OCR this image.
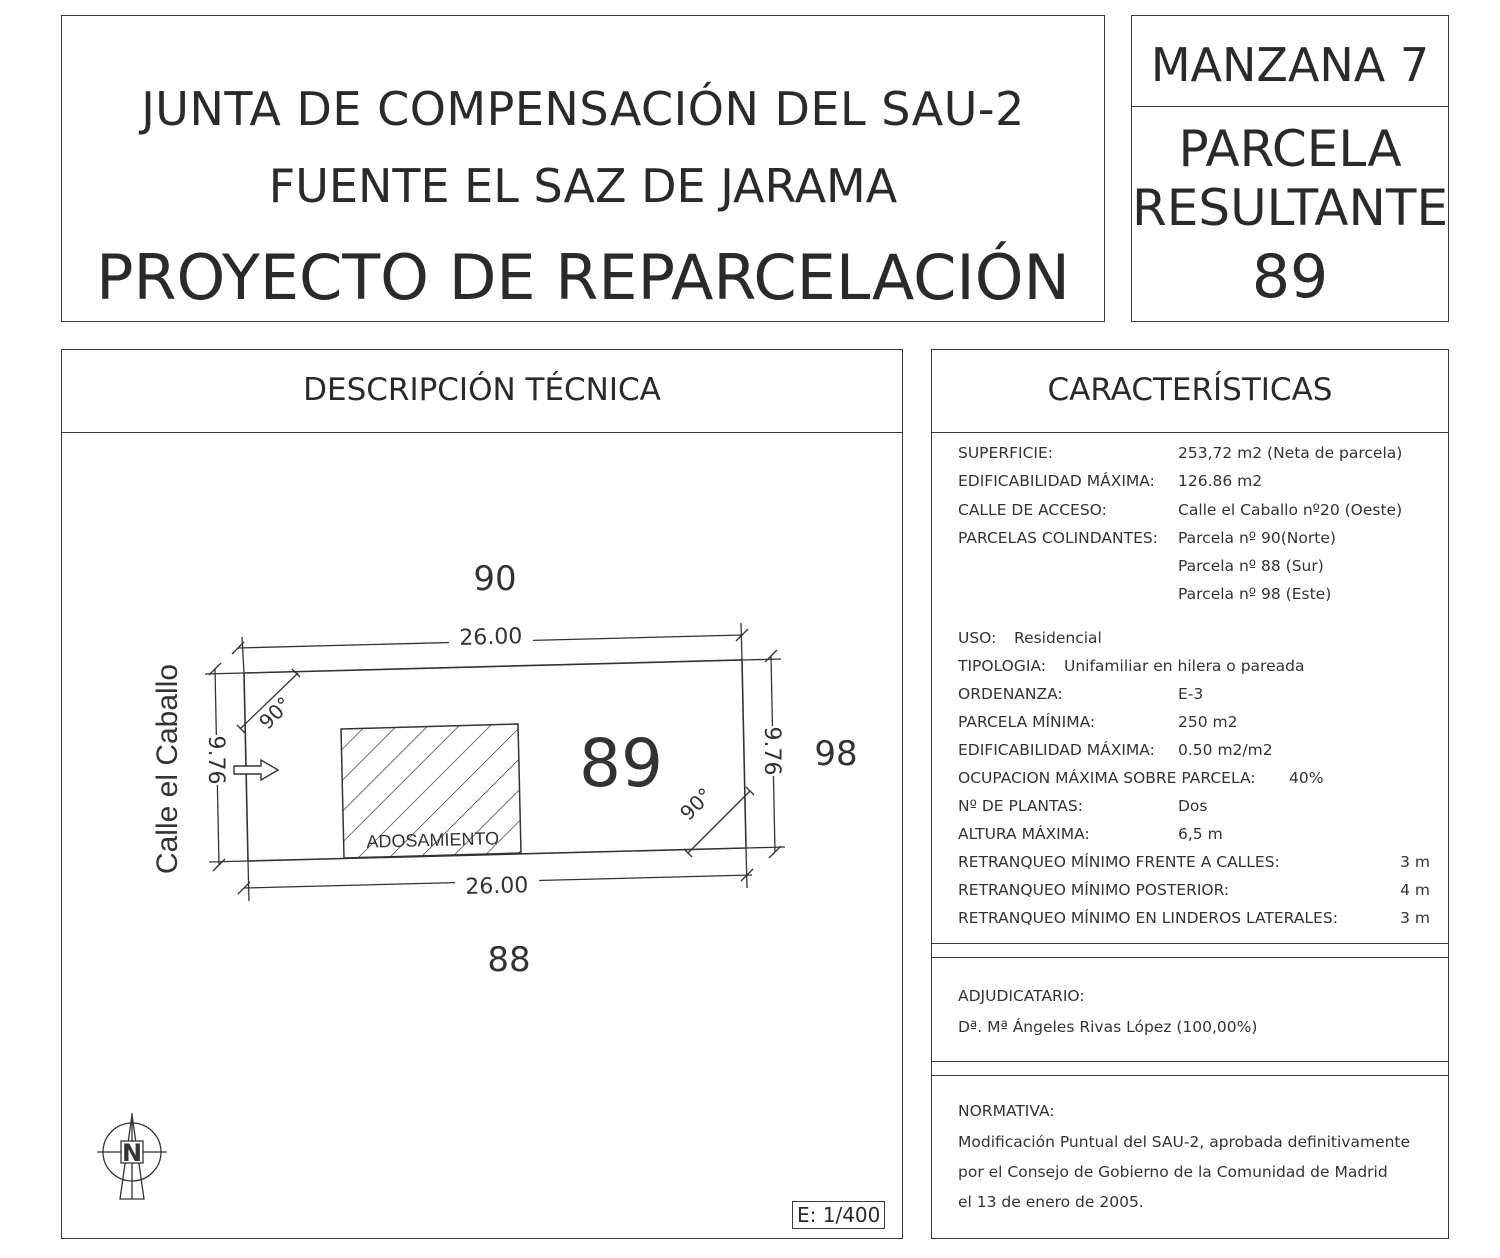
JUNTA DE COMPENSACIÓN DEL SAU-2
FUENTE EL SAZ DE JARAMA
PROYECTO DE REPARCELACIÓN
MANZANA 7
PARCELA
RESULTANTE
89
DESCRIPCIÓN TÉCNICA
ADOSAMIENTO
26.00
26.00
9.76	9.76
90°
90°
89
90
88
98
Calle el Caballo
N
E: 1/400
CARACTERÍSTICAS
SUPERFICIE:	253,72 m2 (Neta de parcela)
EDIFICABILIDAD MÁXIMA: 126.86 m2
CALLE DE ACCESO:	Calle el Caballo nº20 (Oeste)
PARCELAS COLINDANTES: Parcela nº 90(Norte)
Parcela nº 88 (Sur)
Parcela nº 98 (Este)
USO: Residencial
TIPOLOGIA: Unifamiliar en hilera o pareada
ORDENANZA:	E-3
PARCELA MÍNIMA:	250 m2
EDIFICABILIDAD MÁXIMA: 0.50 m2/m2
OCUPACION MÁXIMA SOBRE PARCELA: 40%
Nº DE PLANTAS:	Dos
ALTURA MÁXIMA:	6,5 m
RETRANQUEO MÍNIMO FRENTE A CALLES:	3 m
RETRANQUEO MÍNIMO POSTERIOR:	4 m
RETRANQUEO MÍNIMO EN LINDEROS LATERALES:	3 m
ADJUDICATARIO:
Dª. Mª Ángeles Rivas López (100,00%)
NORMATIVA:
Modificación Puntual del SAU-2, aprobada definitivamente
por el Consejo de Gobierno de la Comunidad de Madrid
el 13 de enero de 2005.
